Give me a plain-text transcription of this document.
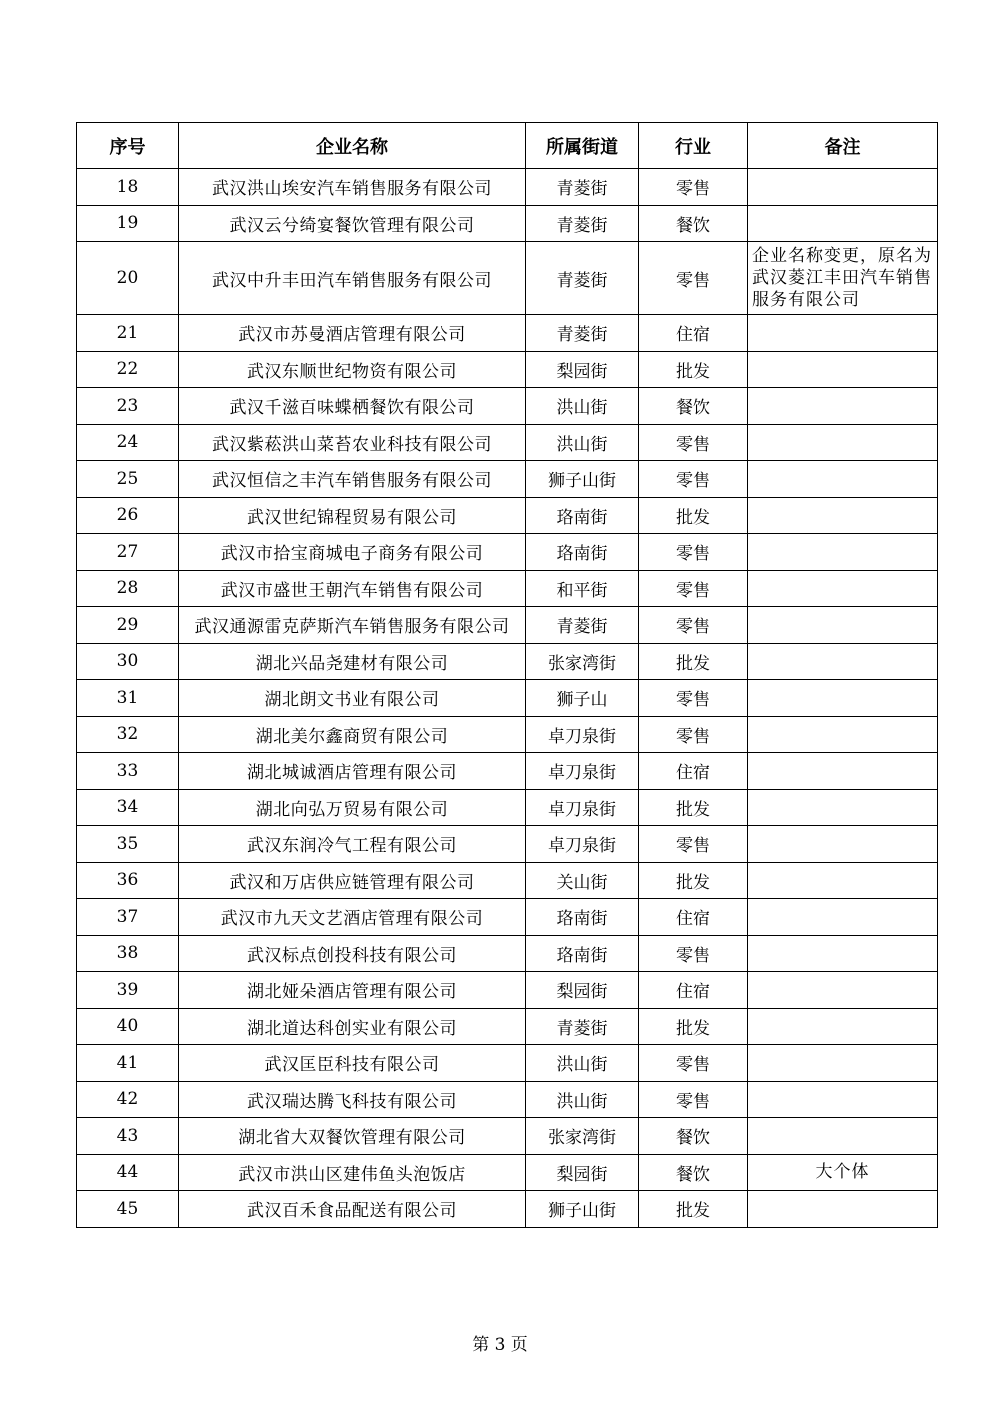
序号	企业名称	所属街道	行业	备注
18	武汉洪山埃安汽车销售服务有限公司	青菱街	零售	
19	武汉云兮绮宴餐饮管理有限公司	青菱街	餐饮	
20	武汉中升丰田汽车销售服务有限公司	青菱街	零售	企业名称变更，原名为武汉菱江丰田汽车销售服务有限公司
21	武汉市苏曼酒店管理有限公司	青菱街	住宿	
22	武汉东顺世纪物资有限公司	梨园街	批发	
23	武汉千滋百味蝶栖餐饮有限公司	洪山街	餐饮	
24	武汉紫菘洪山菜苔农业科技有限公司	洪山街	零售	
25	武汉恒信之丰汽车销售服务有限公司	狮子山街	零售	
26	武汉世纪锦程贸易有限公司	珞南街	批发	
27	武汉市拾宝商城电子商务有限公司	珞南街	零售	
28	武汉市盛世王朝汽车销售有限公司	和平街	零售	
29	武汉通源雷克萨斯汽车销售服务有限公司	青菱街	零售	
30	湖北兴品尧建材有限公司	张家湾街	批发	
31	湖北朗文书业有限公司	狮子山	零售	
32	湖北美尔鑫商贸有限公司	卓刀泉街	零售	
33	湖北城诚酒店管理有限公司	卓刀泉街	住宿	
34	湖北向弘万贸易有限公司	卓刀泉街	批发	
35	武汉东润冷气工程有限公司	卓刀泉街	零售	
36	武汉和万店供应链管理有限公司	关山街	批发	
37	武汉市九天文艺酒店管理有限公司	珞南街	住宿	
38	武汉标点创投科技有限公司	珞南街	零售	
39	湖北娅朵酒店管理有限公司	梨园街	住宿	
40	湖北道达科创实业有限公司	青菱街	批发	
41	武汉匡臣科技有限公司	洪山街	零售	
42	武汉瑞达腾飞科技有限公司	洪山街	零售	
43	湖北省大双餐饮管理有限公司	张家湾街	餐饮	
44	武汉市洪山区建伟鱼头泡饭店	梨园街	餐饮	大个体
45	武汉百禾食品配送有限公司	狮子山街	批发	
第 3 页
